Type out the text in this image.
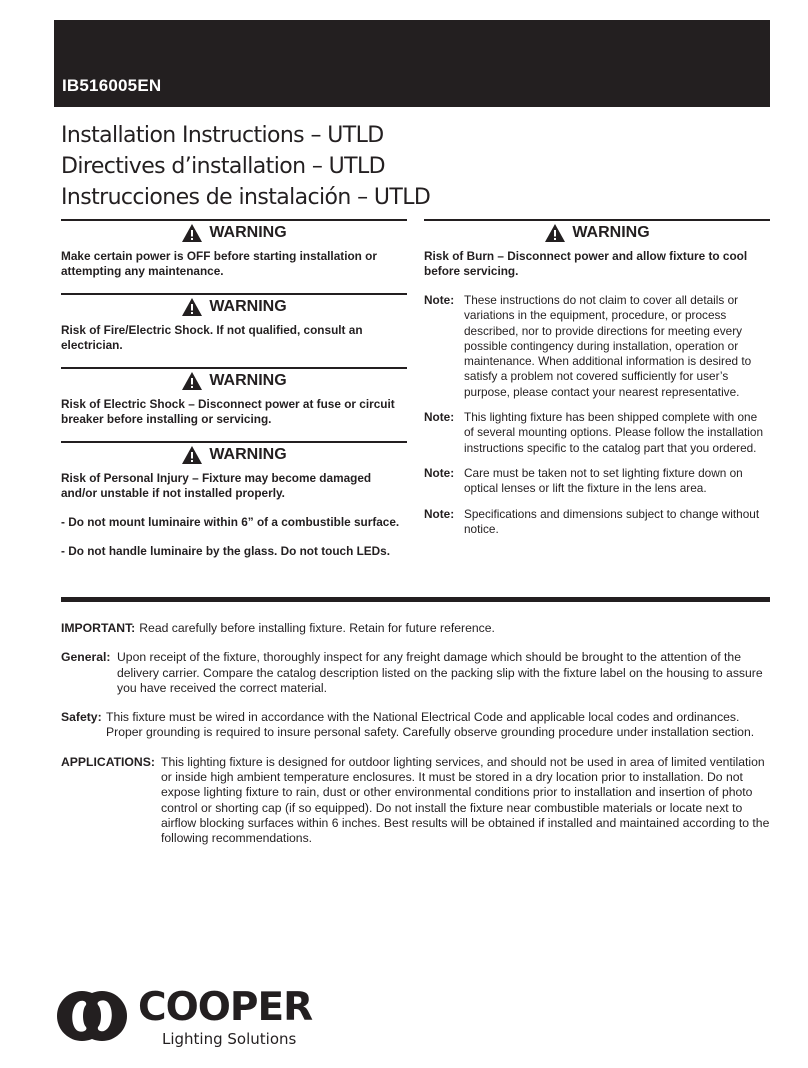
IB516005EN
Installation Instructions – UTLD
Directives d’installation – UTLD
Instrucciones de instalación – UTLD
WARNING
Make certain power is OFF before starting installation or attempting any maintenance.
WARNING
Risk of Fire/Electric Shock. If not qualified, consult an electrician.
WARNING
Risk of Electric Shock – Disconnect power at fuse or circuit breaker before installing or servicing.
WARNING
Risk of Personal Injury – Fixture may become damaged and/or unstable if not installed properly.
- Do not mount luminaire within 6” of a combustible surface.
- Do not handle luminaire by the glass. Do not touch LEDs.
WARNING
Risk of Burn – Disconnect power and allow fixture to cool before servicing.
Note: These instructions do not claim to cover all details or variations in the equipment, procedure, or process described, nor to provide directions for meeting every possible contingency during installation, operation or maintenance. When additional information is desired to satisfy a problem not covered sufficiently for user’s purpose, please contact your nearest representative.
Note: This lighting fixture has been shipped complete with one of several mounting options. Please follow the installation instructions specific to the catalog part that you ordered.
Note: Care must be taken not to set lighting fixture down on optical lenses or lift the fixture in the lens area.
Note: Specifications and dimensions subject to change without notice.
IMPORTANT: Read carefully before installing fixture. Retain for future reference.
General: Upon receipt of the fixture, thoroughly inspect for any freight damage which should be brought to the attention of the delivery carrier. Compare the catalog description listed on the packing slip with the fixture label on the housing to assure you have received the correct material.
Safety: This fixture must be wired in accordance with the National Electrical Code and applicable local codes and ordinances. Proper grounding is required to insure personal safety. Carefully observe grounding procedure under installation section.
APPLICATIONS: This lighting fixture is designed for outdoor lighting services, and should not be used in area of limited ventilation or inside high ambient temperature enclosures. It must be stored in a dry location prior to installation. Do not expose lighting fixture to rain, dust or other environmental conditions prior to installation and insertion of photo control or shorting cap (if so equipped). Do not install the fixture near combustible materials or locate next to airflow blocking surfaces within 6 inches. Best results will be obtained if installed and maintained according to the following recommendations.
COOPER
Lighting Solutions
